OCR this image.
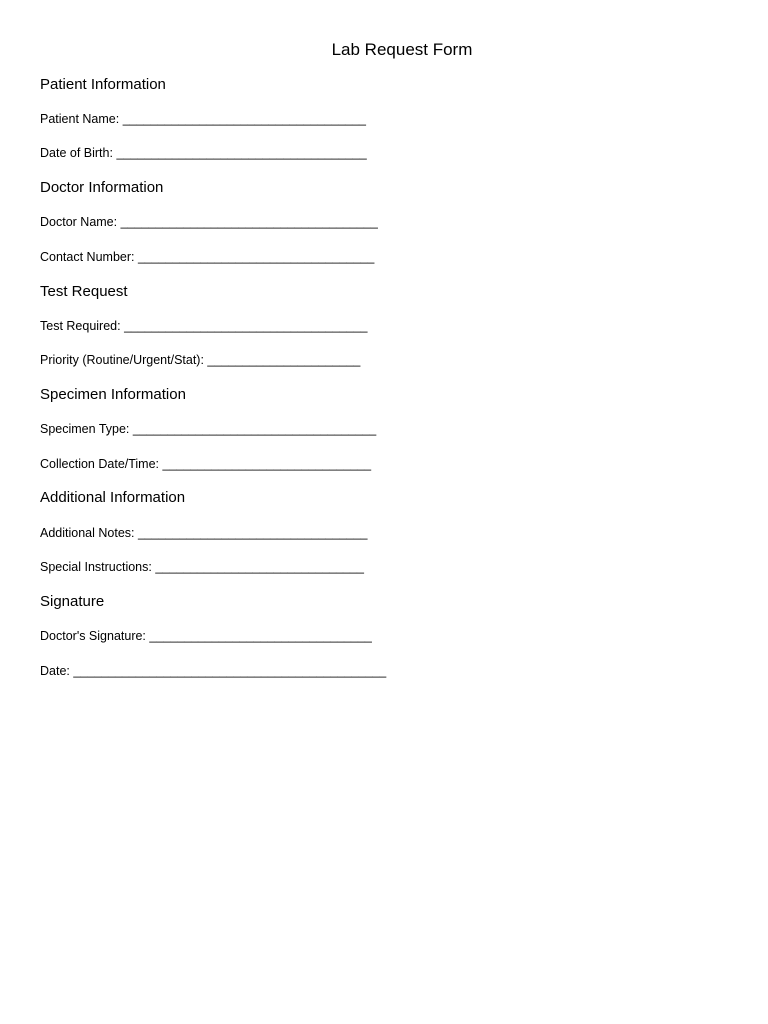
Lab Request Form
Patient Information
Patient Name: ___________________________________
Date of Birth: ____________________________________
Doctor Information
Doctor Name: _____________________________________
Contact Number: __________________________________
Test Request
Test Required: ___________________________________
Priority (Routine/Urgent/Stat): ______________________
Specimen Information
Specimen Type: ___________________________________
Collection Date/Time: ______________________________
Additional Information
Additional Notes: _________________________________
Special Instructions: ______________________________
Signature
Doctor's Signature: ________________________________
Date: _____________________________________________
